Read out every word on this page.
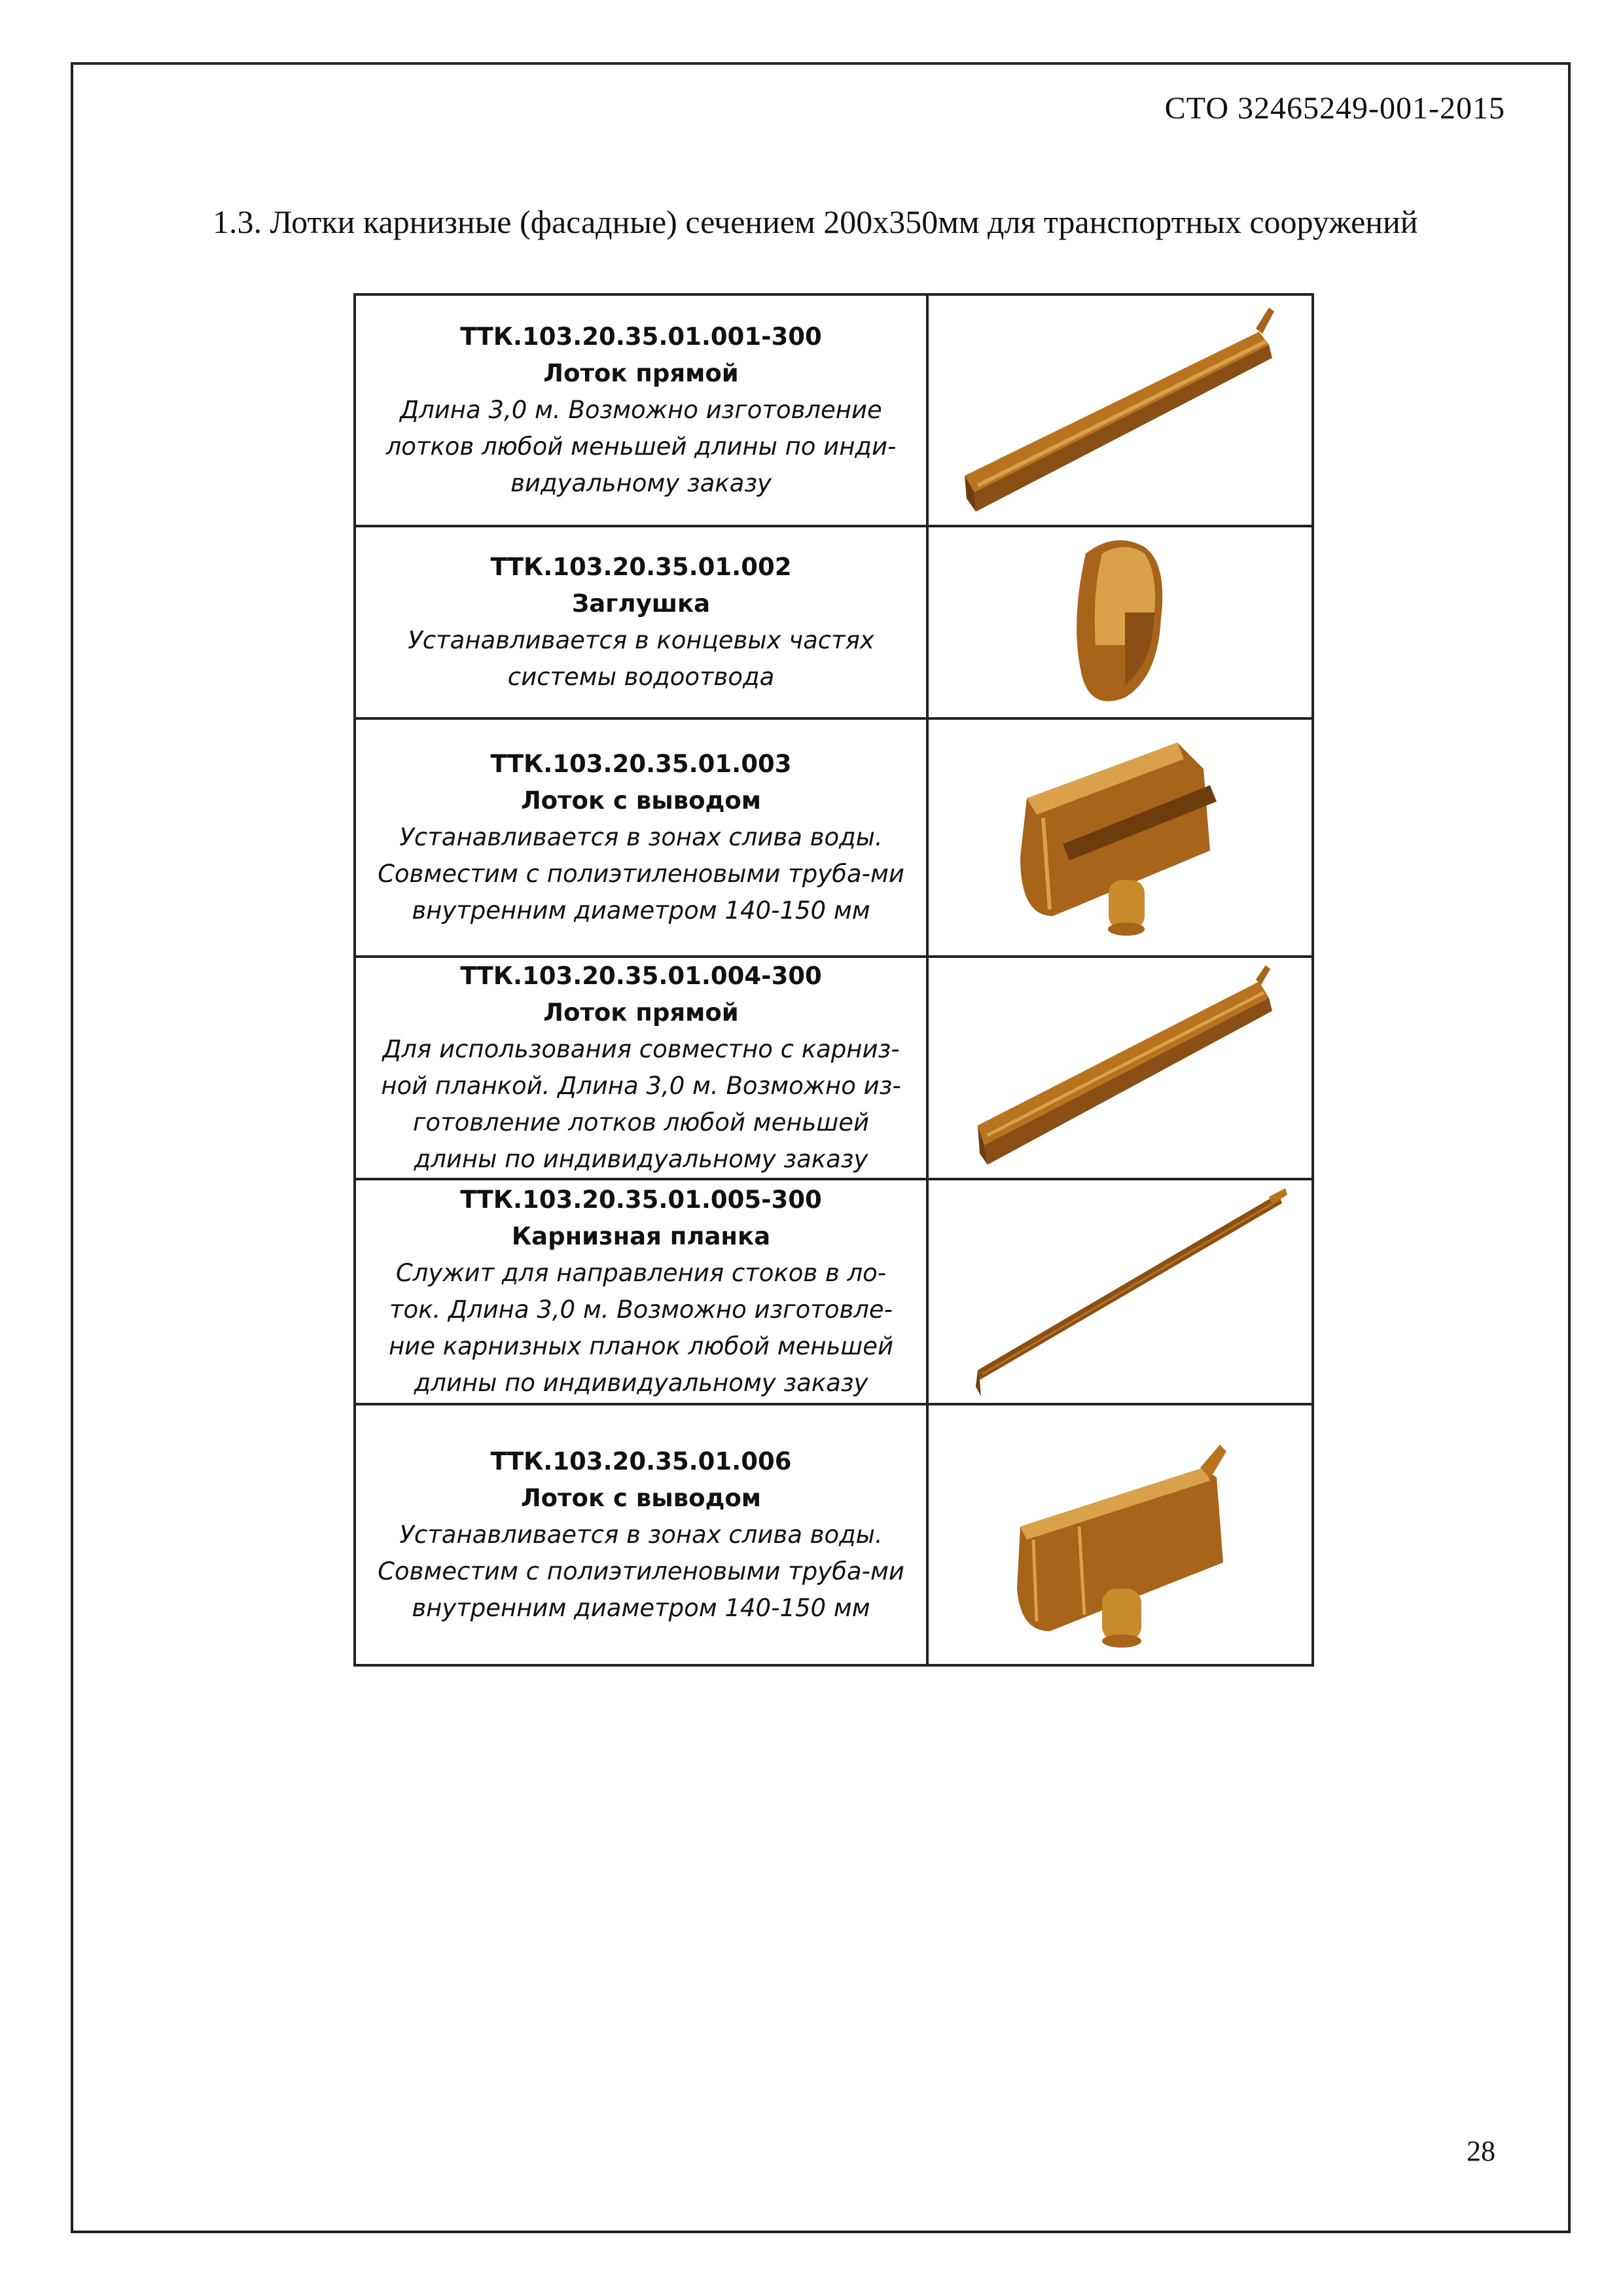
СТО 32465249-001-2015
1.3. Лотки карнизные (фасадные) сечением 200х350мм для транспортных сооружений
ТТК.103.20.35.01.001-300
Лоток прямой
Длина 3,0 м. Возможно изготовление лотков любой меньшей длины по инди-видуальному заказу

ТТК.103.20.35.01.002
Заглушка
Устанавливается в концевых частях системы водоотвода

ТТК.103.20.35.01.003
Лоток с выводом
Устанавливается в зонах слива воды. Совместим с полиэтиленовыми труба-ми внутренним диаметром 140-150 мм

ТТК.103.20.35.01.004-300
Лоток прямой
Для использования совместно с карниз-ной планкой. Длина 3,0 м. Возможно из-готовление лотков любой меньшей длины по индивидуальному заказу

ТТК.103.20.35.01.005-300
Карнизная планка
Служит для направления стоков в ло-ток. Длина 3,0 м. Возможно изготовле-ние карнизных планок любой меньшей длины по индивидуальному заказу

ТТК.103.20.35.01.006
Лоток с выводом
Устанавливается в зонах слива воды. Совместим с полиэтиленовыми труба-ми внутренним диаметром 140-150 мм

28
